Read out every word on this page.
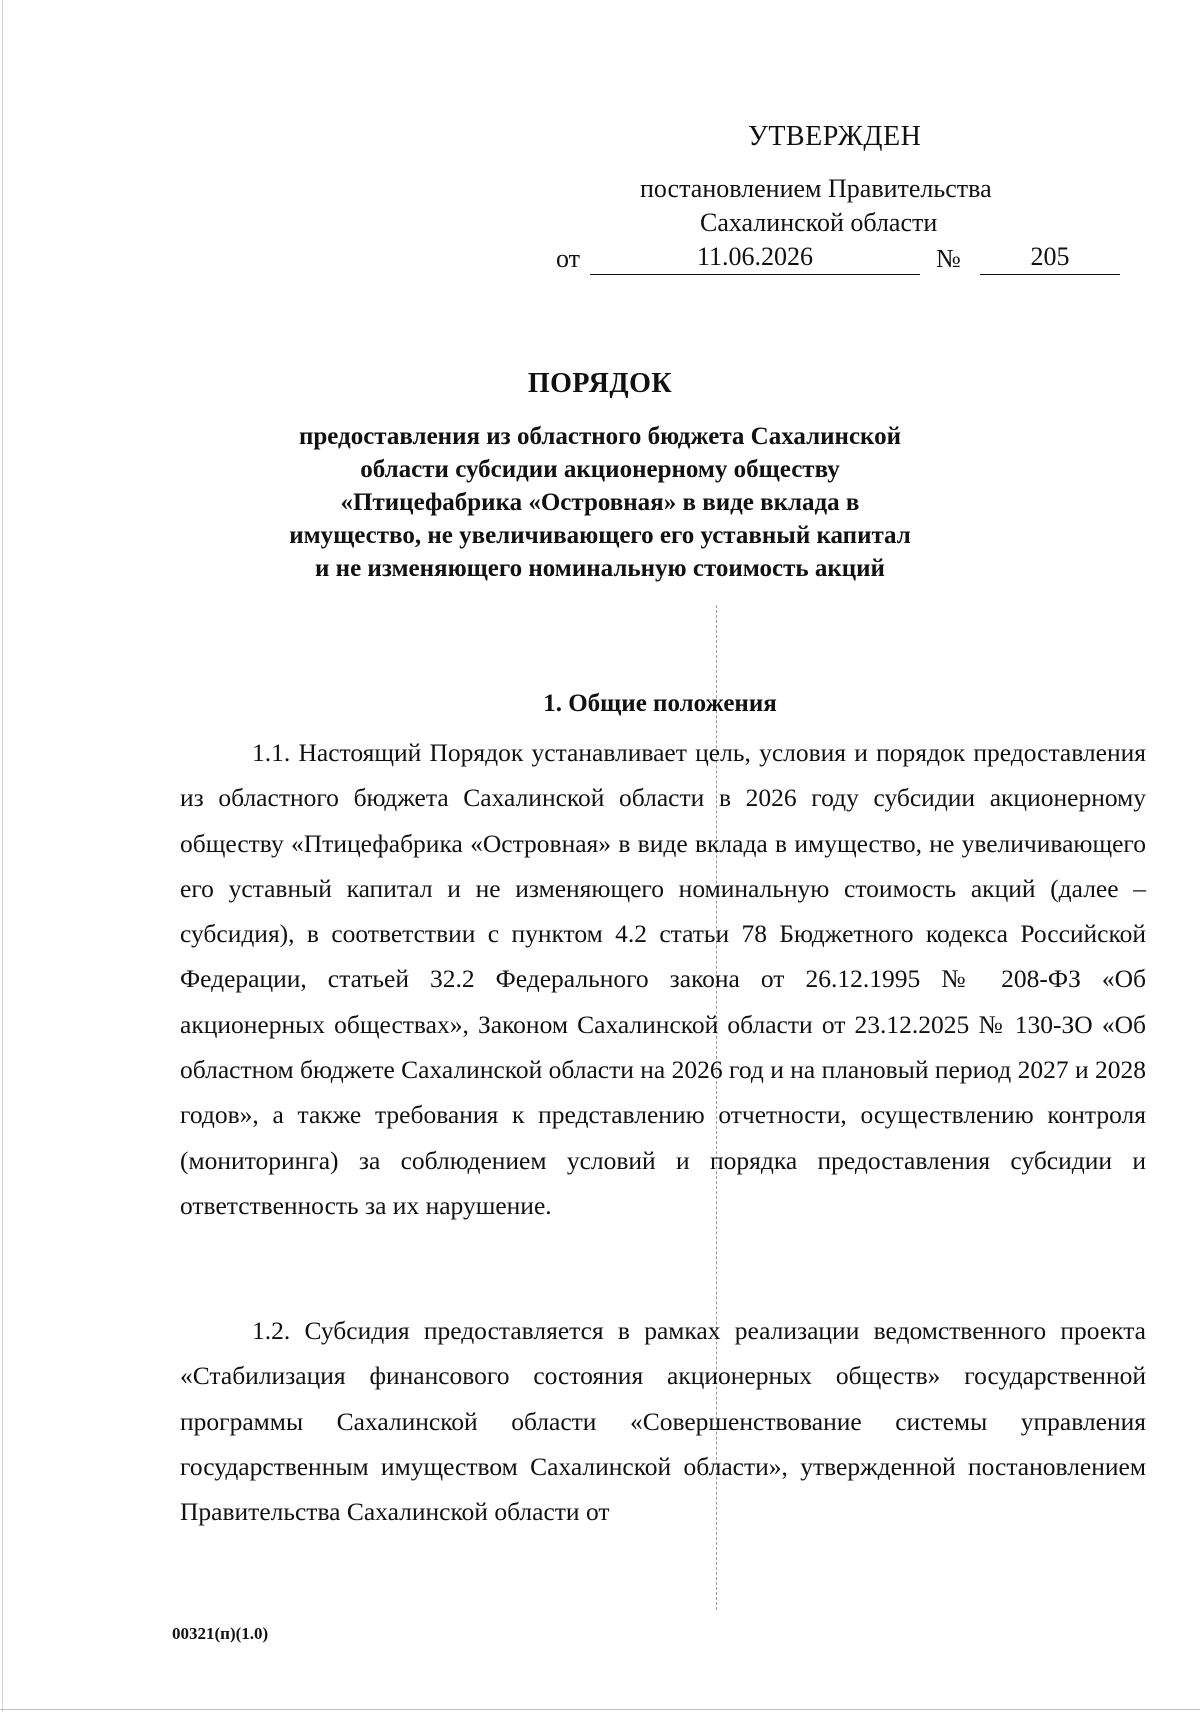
УТВЕРЖДЕН
постановлением Правительства
Сахалинской области
от	11.06.2026	№	205
ПОРЯДОК
предоставления из областного бюджета Сахалинской
области субсидии акционерному обществу
«Птицефабрика «Островная» в виде вклада в
имущество, не увеличивающего его уставный капитал
и не изменяющего номинальную стоимость акций
1. Общие положения
1.1. Настоящий Порядок устанавливает цель, условия и порядок предоставления из областного бюджета Сахалинской области в 2026 году субсидии акционерному обществу «Птицефабрика «Островная» в виде вклада в имущество, не увеличивающего его уставный капитал и не изменяющего номинальную стоимость акций (далее – субсидия), в соответствии с пунктом 4.2 статьи 78 Бюджетного кодекса Российской Федерации, статьей 32.2 Федерального закона от 26.12.1995 № 208-ФЗ «Об акционерных обществах», Законом Сахалинской области от 23.12.2025 № 130-ЗО «Об областном бюджете Сахалинской области на 2026 год и на плановый период 2027 и 2028 годов», а также требования к представлению отчетности, осуществлению контроля (мониторинга) за соблюдением условий и порядка предоставления субсидии и ответственность за их нарушение.
1.2. Субсидия предоставляется в рамках реализации ведомственного проекта «Стабилизация финансового состояния акционерных обществ» государственной программы Сахалинской области «Совершенствование системы управления государственным имуществом Сахалинской области», утвержденной постановлением Правительства Сахалинской области от
00321(п)(1.0)
